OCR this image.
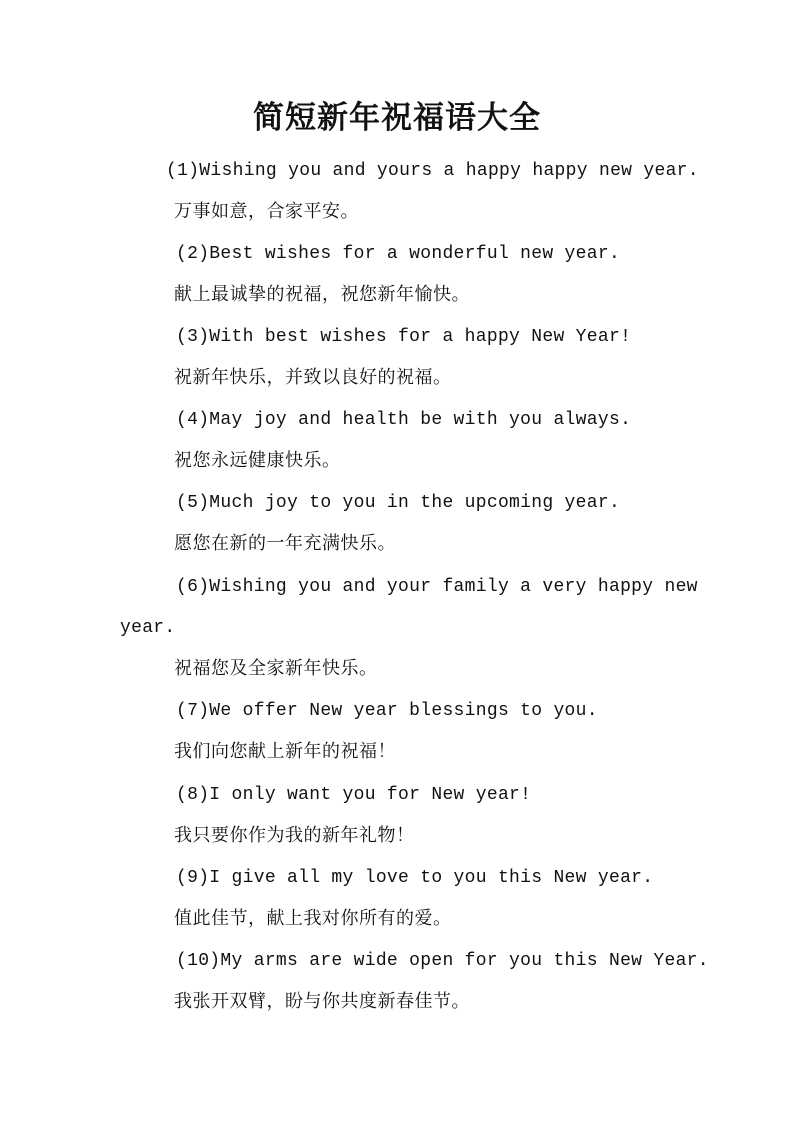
简短新年祝福语大全
(1)Wishing you and yours a happy happy new year.
万事如意，合家平安。
(2)Best wishes for a wonderful new year.
献上最诚挚的祝福，祝您新年愉快。
(3)With best wishes for a happy New Year!
祝新年快乐，并致以良好的祝福。
(4)May joy and health be with you always.
祝您永远健康快乐。
(5)Much joy to you in the upcoming year.
愿您在新的一年充满快乐。
(6)Wishing you and your family a very happy new
year.
祝福您及全家新年快乐。
(7)We offer New year blessings to you.
我们向您献上新年的祝福！
(8)I only want you for New year!
我只要你作为我的新年礼物！
(9)I give all my love to you this New year.
值此佳节，献上我对你所有的爱。
(10)My arms are wide open for you this New Year.
我张开双臂，盼与你共度新春佳节。
